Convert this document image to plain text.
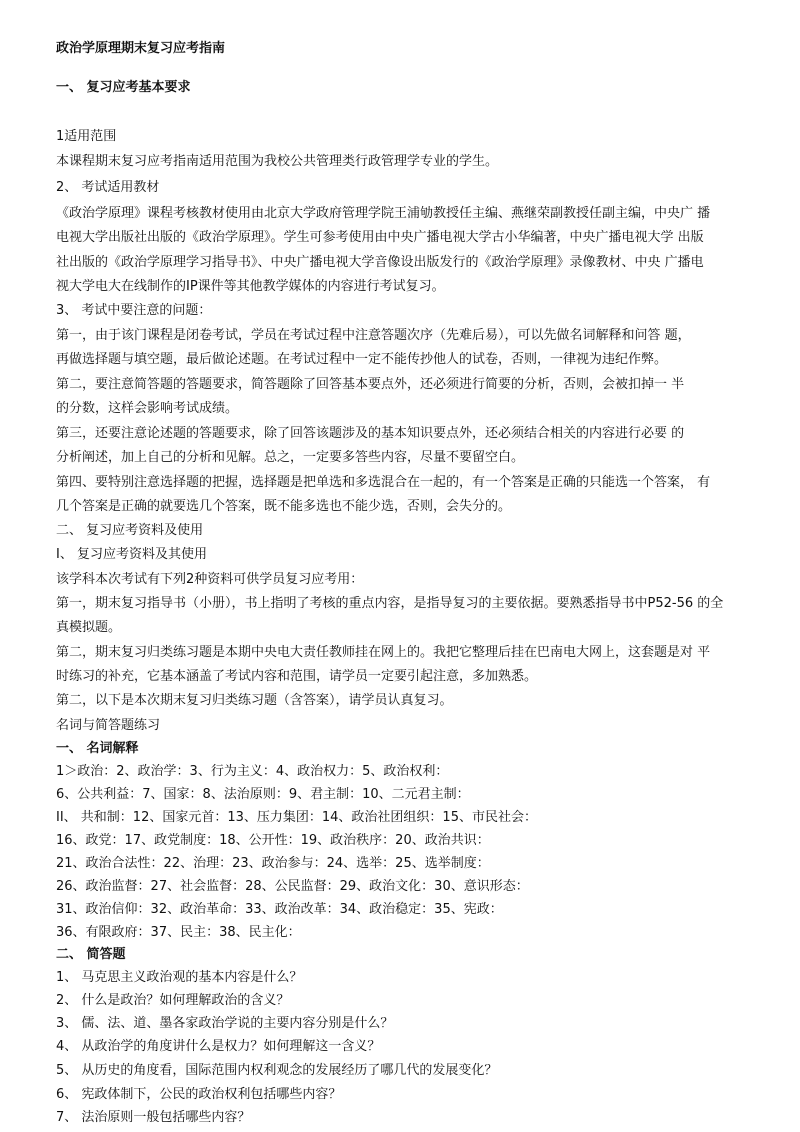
政治学原理期末复习应考指南
一、 复习应考基本要求
1适用范围
本课程期末复习应考指南适用范围为我校公共管理类行政管理学专业的学生。
2、 考试适用教材
《政治学原理》课程考核教材使用由北京大学政府管理学院王浦劬教授任主编、燕继荣副教授任副主编，中央广 播
电视大学出版社出版的《政治学原理》。学生可参考使用由中央广播电视大学古小华编著，中央广播电视大学 出版
社出版的《政治学原理学习指导书》、中央广播电视大学音像设出版发行的《政治学原理》录像教材、中央 广播电
视大学电大在线制作的IP课件等其他教学媒体的内容进行考试复习。
3、 考试中要注意的问题：
第一，由于该门课程是闭卷考试，学员在考试过程中注意答题次序（先难后易），可以先做名词解释和问答 题，
再做选择题与填空题，最后做论述题。在考试过程中一定不能传抄他人的试卷，否则，一律视为违纪作弊。
第二，要注意简答题的答题要求，简答题除了回答基本要点外，还必须进行简要的分析，否则，会被扣掉一 半
的分数，这样会影响考试成绩。
第三，还要注意论述题的答题要求，除了回答该题涉及的基本知识要点外，还必须结合相关的内容进行必要 的
分析阐述，加上自己的分析和见解。总之，一定要多答些内容，尽量不要留空白。
第四、要特别注意选择题的把握，选择题是把单选和多选混合在一起的，有一个答案是正确的只能选一个答案， 有
几个答案是正确的就要选几个答案，既不能多选也不能少选，否则，会失分的。
二、 复习应考资料及使用
I、 复习应考资料及其使用
该学科本次考试有下列2种资料可供学员复习应考用：
第一，期末复习指导书（小册），书上指明了考核的重点内容，是指导复习的主要依据。要熟悉指导书中P52-56 的全
真模拟题。
第二，期末复习归类练习题是本期中央电大责任教师挂在网上的。我把它整理后挂在巴南电大网上，这套题是对 平
时练习的补充，它基本涵盖了考试内容和范围，请学员一定要引起注意，多加熟悉。
第二，以下是本次期末复习归类练习题（含答案），请学员认真复习。
名词与简答题练习
一、 名词解释
1＞政治：2、政治学：3、行为主义：4、政治权力：5、政治权利：
6、公共利益：7、国家：8、法治原则：9、君主制：10、二元君主制：
II、 共和制：12、国家元首：13、压力集团：14、政治社团组织：15、市民社会：
16、政党：17、政党制度：18、公开性：19、政治秩序：20、政治共识：
21、政治合法性：22、治理：23、政治参与：24、选举：25、选举制度：
26、政治监督：27、社会监督：28、公民监督：29、政治文化：30、意识形态：
31、政治信仰：32、政治革命：33、政治改革：34、政治稳定：35、宪政：
36、有限政府：37、民主：38、民主化：
二、 简答题
1、 马克思主义政治观的基本内容是什么？
2、 什么是政治？如何理解政治的含义？
3、 儒、法、道、墨各家政治学说的主要内容分别是什么？
4、 从政治学的角度讲什么是权力？如何理解这一含义？
5、 从历史的角度看，国际范围内权利观念的发展经历了哪几代的发展变化？
6、 宪政体制下，公民的政治权利包括哪些内容？
7、 法治原则一般包括哪些内容？
